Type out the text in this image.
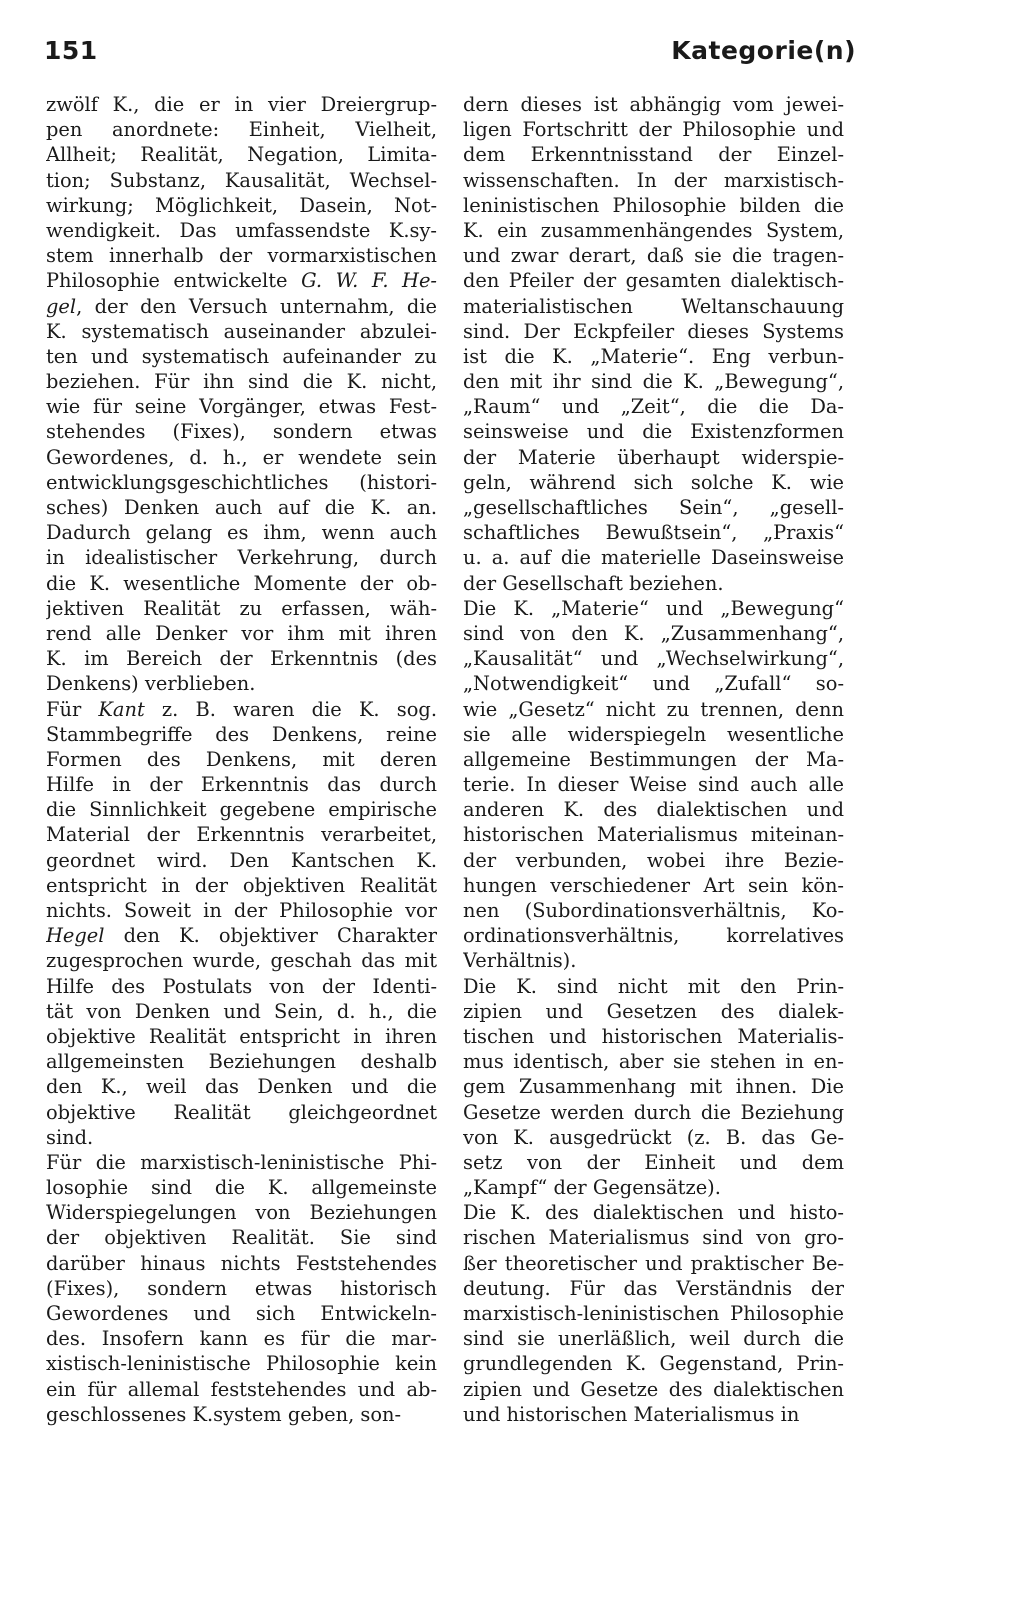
151	Kategorie(n)
zwölf K., die er in vier Dreiergrup-
pen anordnete: Einheit, Vielheit,
Allheit; Realität, Negation, Limita-
tion; Substanz, Kausalität, Wechsel-
wirkung; Möglichkeit, Dasein, Not-
wendigkeit. Das umfassendste K.sy-
stem innerhalb der vormarxistischen
Philosophie entwickelte G. W. F. He-
gel, der den Versuch unternahm, die
K. systematisch auseinander abzulei-
ten und systematisch aufeinander zu
beziehen. Für ihn sind die K. nicht,
wie für seine Vorgänger, etwas Fest-
stehendes (Fixes), sondern etwas
Gewordenes, d. h., er wendete sein
entwicklungsgeschichtliches (histori-
sches) Denken auch auf die K. an.
Dadurch gelang es ihm, wenn auch
in idealistischer Verkehrung, durch
die K. wesentliche Momente der ob-
jektiven Realität zu erfassen, wäh-
rend alle Denker vor ihm mit ihren
K. im Bereich der Erkenntnis (des
Denkens) verblieben.
Für Kant z. B. waren die K. sog.
Stammbegriffe des Denkens, reine
Formen des Denkens, mit deren
Hilfe in der Erkenntnis das durch
die Sinnlichkeit gegebene empirische
Material der Erkenntnis verarbeitet,
geordnet wird. Den Kantschen K.
entspricht in der objektiven Realität
nichts. Soweit in der Philosophie vor
Hegel den K. objektiver Charakter
zugesprochen wurde, geschah das mit
Hilfe des Postulats von der Identi-
tät von Denken und Sein, d. h., die
objektive Realität entspricht in ihren
allgemeinsten Beziehungen deshalb
den K., weil das Denken und die
objektive Realität gleichgeordnet
sind.
Für die marxistisch-leninistische Phi-
losophie sind die K. allgemeinste
Widerspiegelungen von Beziehungen
der objektiven Realität. Sie sind
darüber hinaus nichts Feststehendes
(Fixes), sondern etwas historisch
Gewordenes und sich Entwickeln-
des. Insofern kann es für die mar-
xistisch-leninistische Philosophie kein
ein für allemal feststehendes und ab-
geschlossenes K.system geben, son-
dern dieses ist abhängig vom jewei-
ligen Fortschritt der Philosophie und
dem Erkenntnisstand der Einzel-
wissenschaften. In der marxistisch-
leninistischen Philosophie bilden die
K. ein zusammenhängendes System,
und zwar derart, daß sie die tragen-
den Pfeiler der gesamten dialektisch-
materialistischen Weltanschauung
sind. Der Eckpfeiler dieses Systems
ist die K. „Materie“. Eng verbun-
den mit ihr sind die K. „Bewegung“,
„Raum“ und „Zeit“, die die Da-
seinsweise und die Existenzformen
der Materie überhaupt widerspie-
geln, während sich solche K. wie
„gesellschaftliches Sein“, „gesell-
schaftliches Bewußtsein“, „Praxis“
u. a. auf die materielle Daseinsweise
der Gesellschaft beziehen.
Die K. „Materie“ und „Bewegung“
sind von den K. „Zusammenhang“,
„Kausalität“ und „Wechselwirkung“,
„Notwendigkeit“ und „Zufall“ so-
wie „Gesetz“ nicht zu trennen, denn
sie alle widerspiegeln wesentliche
allgemeine Bestimmungen der Ma-
terie. In dieser Weise sind auch alle
anderen K. des dialektischen und
historischen Materialismus miteinan-
der verbunden, wobei ihre Bezie-
hungen verschiedener Art sein kön-
nen (Subordinationsverhältnis, Ko-
ordinationsverhältnis, korrelatives
Verhältnis).
Die K. sind nicht mit den Prin-
zipien und Gesetzen des dialek-
tischen und historischen Materialis-
mus identisch, aber sie stehen in en-
gem Zusammenhang mit ihnen. Die
Gesetze werden durch die Beziehung
von K. ausgedrückt (z. B. das Ge-
setz von der Einheit und dem
„Kampf“ der Gegensätze).
Die K. des dialektischen und histo-
rischen Materialismus sind von gro-
ßer theoretischer und praktischer Be-
deutung. Für das Verständnis der
marxistisch-leninistischen Philosophie
sind sie unerläßlich, weil durch die
grundlegenden K. Gegenstand, Prin-
zipien und Gesetze des dialektischen
und historischen Materialismus in
